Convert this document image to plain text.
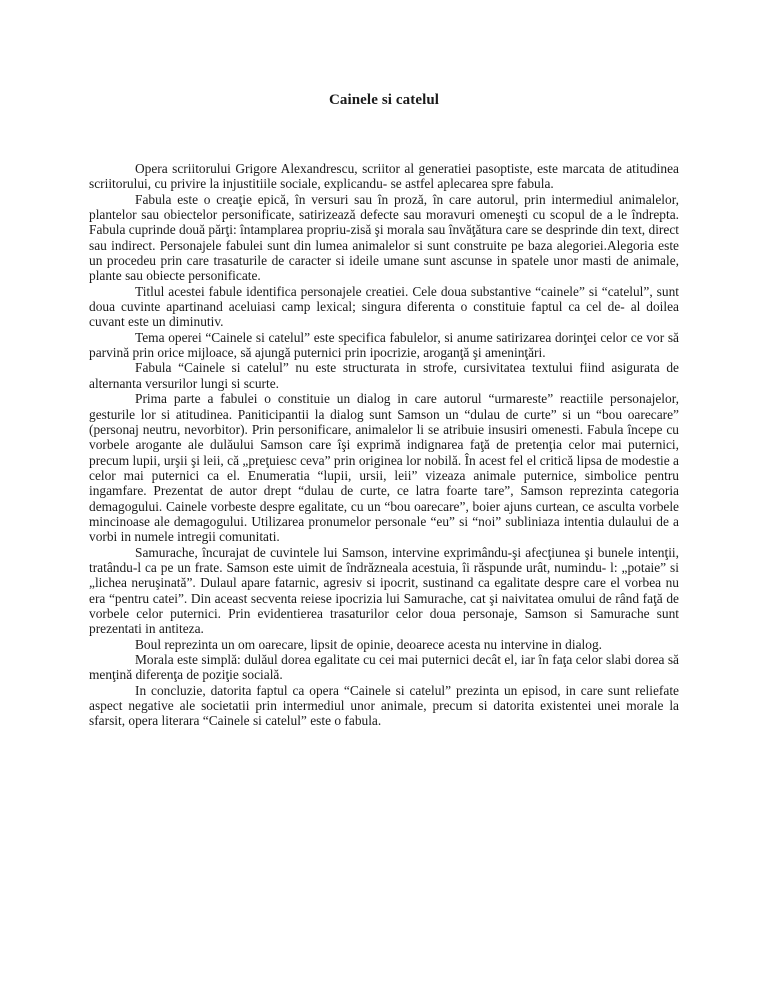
Cainele si catelul

Opera scriitorului Grigore Alexandrescu, scriitor al generatiei pasoptiste, este marcata de atitudinea scriitorului, cu privire la injustitiile sociale, explicandu- se astfel aplecarea spre fabula.

Fabula este o creaţie epică, în versuri sau în proză, în care autorul, prin intermediul animalelor, plantelor sau obiectelor personificate, satirizează defecte sau moravuri omeneşti cu scopul de a le îndrepta. Fabula cuprinde două părţi: întamplarea propriu-zisă şi morala sau învăţătura care se desprinde din text, direct sau indirect. Personajele fabulei sunt din lumea animalelor si sunt construite pe baza alegoriei.Alegoria este un procedeu prin care trasaturile de caracter si ideile umane sunt ascunse in spatele unor masti de animale, plante sau obiecte personificate.

Titlul acestei fabule identifica personajele creatiei. Cele doua substantive “cainele” si “catelul”, sunt doua cuvinte apartinand aceluiasi camp lexical; singura diferenta o constituie faptul ca cel de- al doilea cuvant este un diminutiv.

Tema operei “Cainele si catelul” este specifica fabulelor, si anume satirizarea dorinţei celor ce vor să parvină prin orice mijloace, să ajungă puternici prin ipocrizie, aroganţă şi ameninţări.

Fabula “Cainele si catelul” nu este structurata in strofe, cursivitatea textului fiind asigurata de alternanta versurilor lungi si scurte.

Prima parte a fabulei o constituie un dialog in care autorul “urmareste” reactiile personajelor, gesturile lor si atitudinea. Paniticipantii la dialog sunt Samson un “dulau de curte” si un “bou oarecare” (personaj neutru, nevorbitor). Prin personificare, animalelor li se atribuie insusiri omenesti. Fabula începe cu vorbele arogante ale dulăului Samson care îşi exprimă indignarea faţă de pretenţia celor mai puternici, precum lupii, urşii şi leii, că „preţuiesc ceva” prin originea lor nobilă. În acest fel el critică lipsa de modestie a celor mai puternici ca el. Enumeratia “lupii, ursii, leii” vizeaza animale puternice, simbolice pentru ingamfare. Prezentat de autor drept “dulau de curte, ce latra foarte tare”, Samson reprezinta categoria demagogului. Cainele vorbeste despre egalitate, cu un “bou oarecare”, boier ajuns curtean, ce asculta vorbele mincinoase ale demagogului. Utilizarea pronumelor personale “eu” si “noi” subliniaza intentia dulaului de a vorbi in numele intregii comunitati.

Samurache, încurajat de cuvintele lui Samson, intervine exprimându-şi afecţiunea şi bunele intenţii, tratându-l ca pe un frate. Samson este uimit de îndrăzneala acestuia, îi răspunde urât, numindu- l: „potaie” si „lichea neruşinată”. Dulaul apare fatarnic, agresiv si ipocrit, sustinand ca egalitate despre care el vorbea nu era “pentru catei”. Din aceast secventa reiese ipocrizia lui Samurache, cat şi naivitatea omului de rând faţă de vorbele celor puternici. Prin evidentierea trasaturilor celor doua personaje, Samson si Samurache sunt prezentati in antiteza.

Boul reprezinta un om oarecare, lipsit de opinie, deoarece acesta nu intervine in dialog.

Morala este simplă: dulăul dorea egalitate cu cei mai puternici decât el, iar în faţa celor slabi dorea să menţină diferenţa de poziţie socială.

In concluzie, datorita faptul ca opera “Cainele si catelul” prezinta un episod, in care sunt reliefate aspect negative ale societatii prin intermediul unor animale, precum si datorita existentei unei morale la sfarsit, opera literara “Cainele si catelul” este o fabula.
